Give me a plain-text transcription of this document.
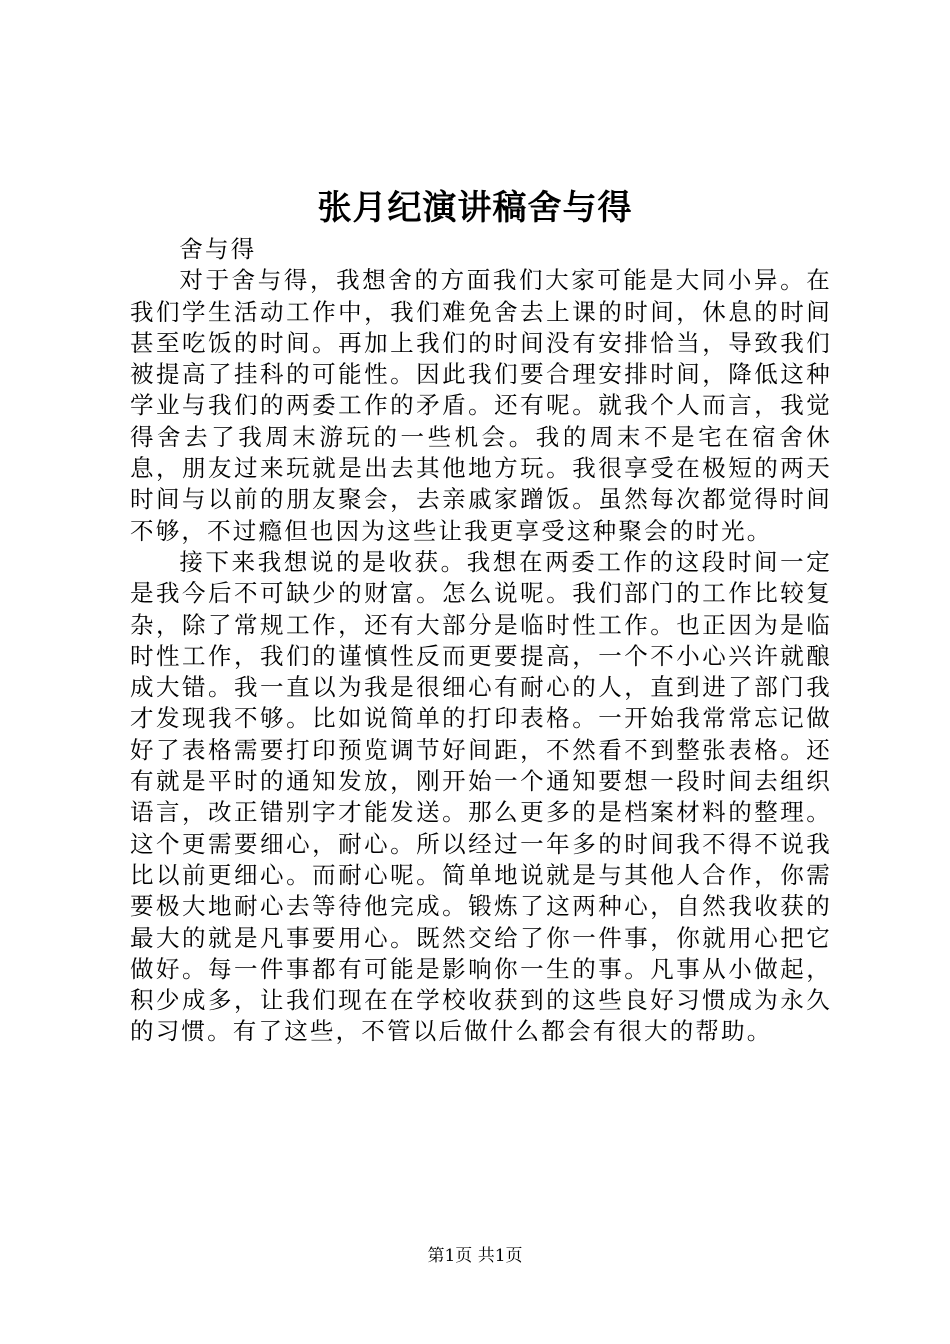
张月纪演讲稿舍与得

舍与得

对于舍与得，我想舍的方面我们大家可能是大同小异。在我们学生活动工作中，我们难免舍去上课的时间，休息的时间甚至吃饭的时间。再加上我们的时间没有安排恰当，导致我们被提高了挂科的可能性。因此我们要合理安排时间，降低这种学业与我们的两委工作的矛盾。还有呢。就我个人而言，我觉得舍去了我周末游玩的一些机会。我的周末不是宅在宿舍休息，朋友过来玩就是出去其他地方玩。我很享受在极短的两天时间与以前的朋友聚会，去亲戚家蹭饭。虽然每次都觉得时间不够，不过瘾但也因为这些让我更享受这种聚会的时光。

接下来我想说的是收获。我想在两委工作的这段时间一定是我今后不可缺少的财富。怎么说呢。我们部门的工作比较复杂，除了常规工作，还有大部分是临时性工作。也正因为是临时性工作，我们的谨慎性反而更要提高，一个不小心兴许就酿成大错。我一直以为我是很细心有耐心的人，直到进了部门我才发现我不够。比如说简单的打印表格。一开始我常常忘记做好了表格需要打印预览调节好间距，不然看不到整张表格。还有就是平时的通知发放，刚开始一个通知要想一段时间去组织语言，改正错别字才能发送。那么更多的是档案材料的整理。这个更需要细心，耐心。所以经过一年多的时间我不得不说我比以前更细心。而耐心呢。简单地说就是与其他人合作，你需要极大地耐心去等待他完成。锻炼了这两种心，自然我收获的最大的就是凡事要用心。既然交给了你一件事，你就用心把它做好。每一件事都有可能是影响你一生的事。凡事从小做起，积少成多，让我们现在在学校收获到的这些良好习惯成为永久的习惯。有了这些，不管以后做什么都会有很大的帮助。

第1页 共1页
